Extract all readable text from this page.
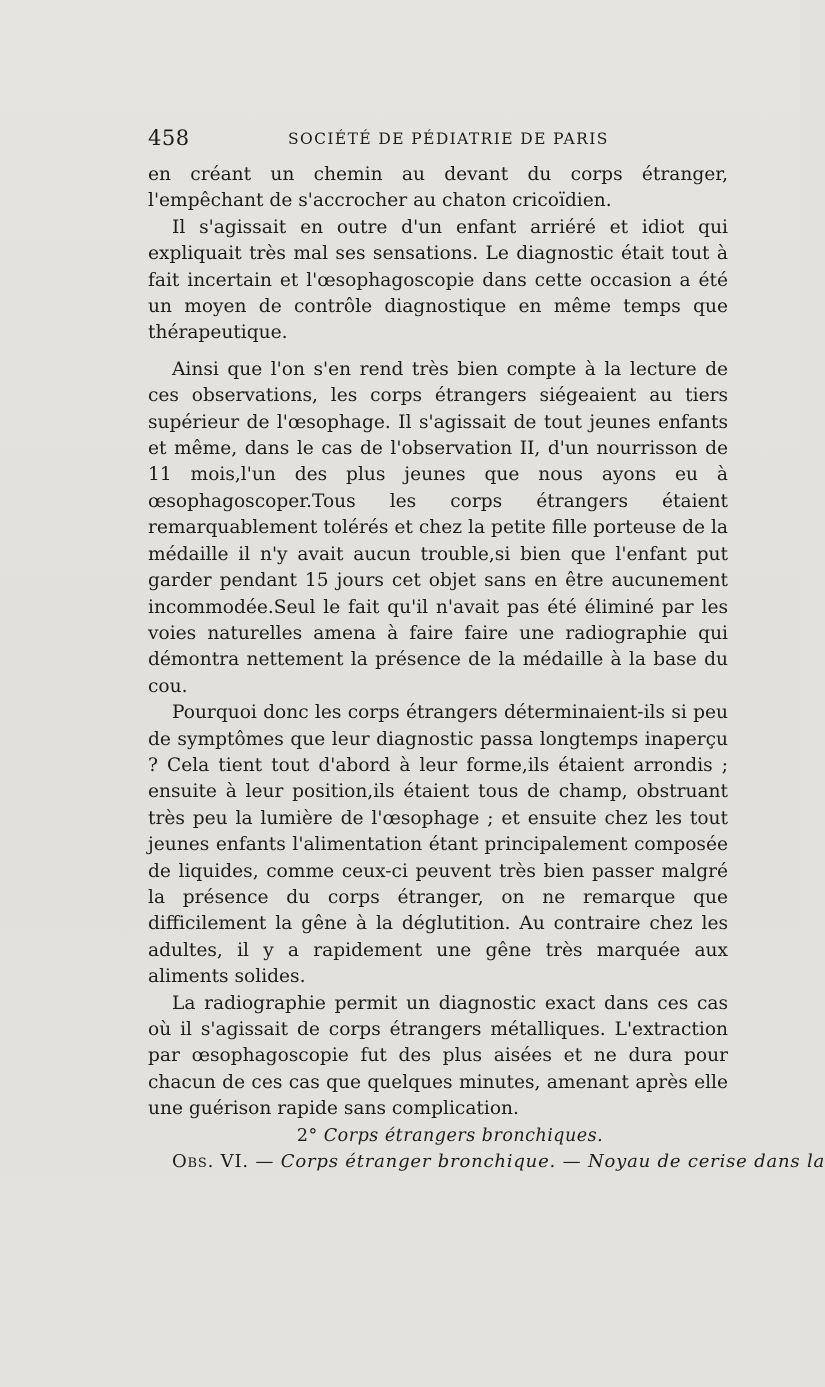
458	SOCIÉTÉ DE PÉDIATRIE DE PARIS

en créant un chemin au devant du corps étranger, l'empêchant de s'accrocher au chaton cricoïdien.

Il s'agissait en outre d'un enfant arriéré et idiot qui expliquait très mal ses sensations. Le diagnostic était tout à fait incertain et l'œsophagoscopie dans cette occasion a été un moyen de contrôle diagnostique en même temps que thérapeutique.

Ainsi que l'on s'en rend très bien compte à la lecture de ces observations, les corps étrangers siégeaient au tiers supérieur de l'œsophage. Il s'agissait de tout jeunes enfants et même, dans le cas de l'observation II, d'un nourrisson de 11 mois,l'un des plus jeunes que nous ayons eu à œsophagoscoper.Tous les corps étrangers étaient remarquablement tolérés et chez la petite fille porteuse de la médaille il n'y avait aucun trouble,si bien que l'enfant put garder pendant 15 jours cet objet sans en être aucunement incommodée.Seul le fait qu'il n'avait pas été éliminé par les voies naturelles amena à faire faire une radiographie qui démontra nettement la présence de la médaille à la base du cou.

Pourquoi donc les corps étrangers déterminaient-ils si peu de symptômes que leur diagnostic passa longtemps inaperçu ? Cela tient tout d'abord à leur forme,ils étaient arrondis ; ensuite à leur position,ils étaient tous de champ, obstruant très peu la lumière de l'œsophage ; et ensuite chez les tout jeunes enfants l'alimentation étant principalement composée de liquides, comme ceux-ci peuvent très bien passer malgré la présence du corps étranger, on ne remarque que difficilement la gêne à la déglutition. Au contraire chez les adultes, il y a rapidement une gêne très marquée aux aliments solides.

La radiographie permit un diagnostic exact dans ces cas où il s'agissait de corps étrangers métalliques. L'extraction par œsophagoscopie fut des plus aisées et ne dura pour chacun de ces cas que quelques minutes, amenant après elle une guérison rapide sans complication.

2° Corps étrangers bronchiques.

Obs. VI. — Corps étranger bronchique. — Noyau de cerise dans la
